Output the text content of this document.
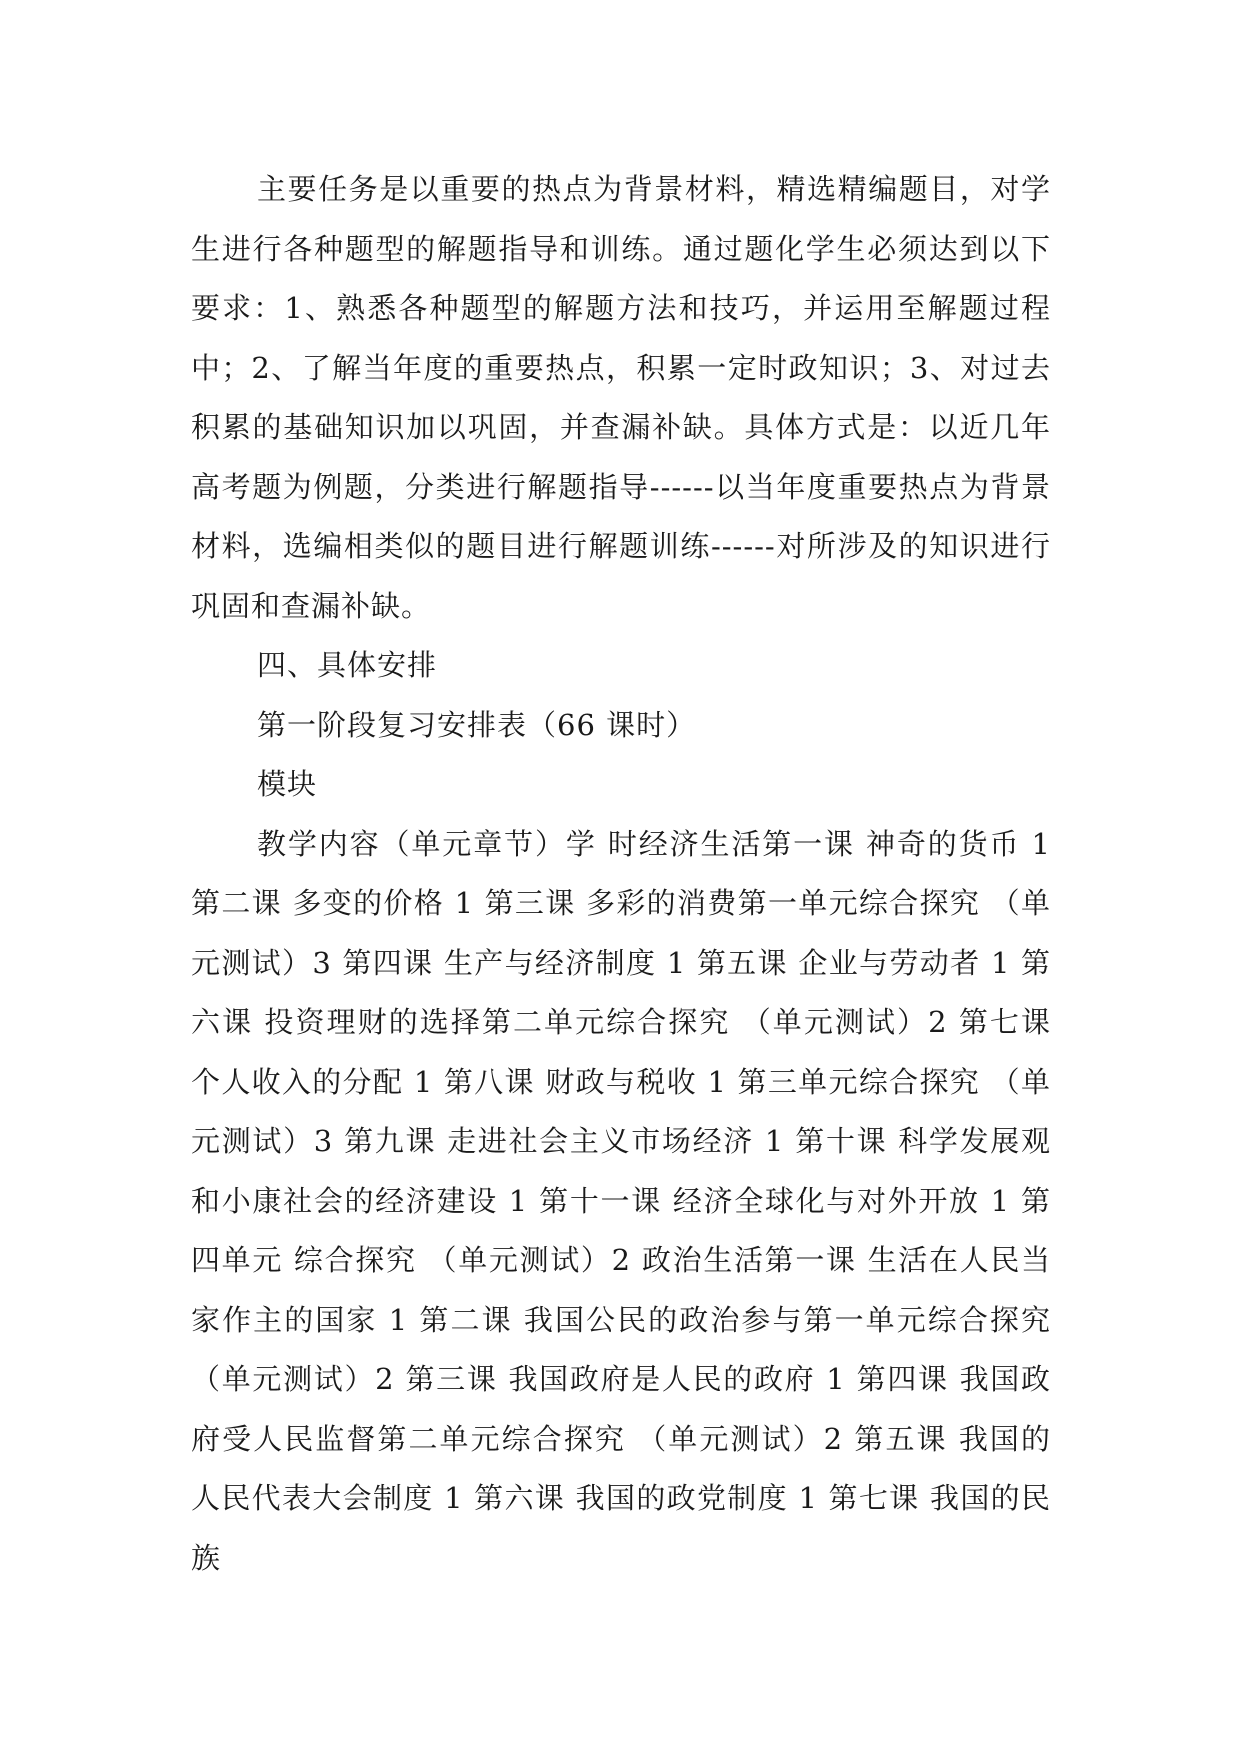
主要任务是以重要的热点为背景材料，精选精编题目，对学生进行各种题型的解题指导和训练。通过题化学生必须达到以下要求：1、熟悉各种题型的解题方法和技巧，并运用至解题过程中；2、了解当年度的重要热点，积累一定时政知识；3、对过去积累的基础知识加以巩固，并查漏补缺。具体方式是：以近几年高考题为例题，分类进行解题指导------以当年度重要热点为背景材料，选编相类似的题目进行解题训练------对所涉及的知识进行巩固和查漏补缺。

四、具体安排

第一阶段复习安排表（66 课时）

模块

教学内容（单元章节）学 时经济生活第一课 神奇的货币 1 第二课 多变的价格 1 第三课 多彩的消费第一单元综合探究 （单元测试）3 第四课 生产与经济制度 1 第五课 企业与劳动者 1 第六课 投资理财的选择第二单元综合探究 （单元测试）2 第七课 个人收入的分配 1 第八课 财政与税收 1 第三单元综合探究 （单元测试）3 第九课 走进社会主义市场经济 1 第十课 科学发展观和小康社会的经济建设 1 第十一课 经济全球化与对外开放 1 第四单元 综合探究 （单元测试）2 政治生活第一课 生活在人民当家作主的国家 1 第二课 我国公民的政治参与第一单元综合探究 （单元测试）2 第三课 我国政府是人民的政府 1 第四课 我国政府受人民监督第二单元综合探究 （单元测试）2 第五课 我国的人民代表大会制度 1 第六课 我国的政党制度 1 第七课 我国的民族
